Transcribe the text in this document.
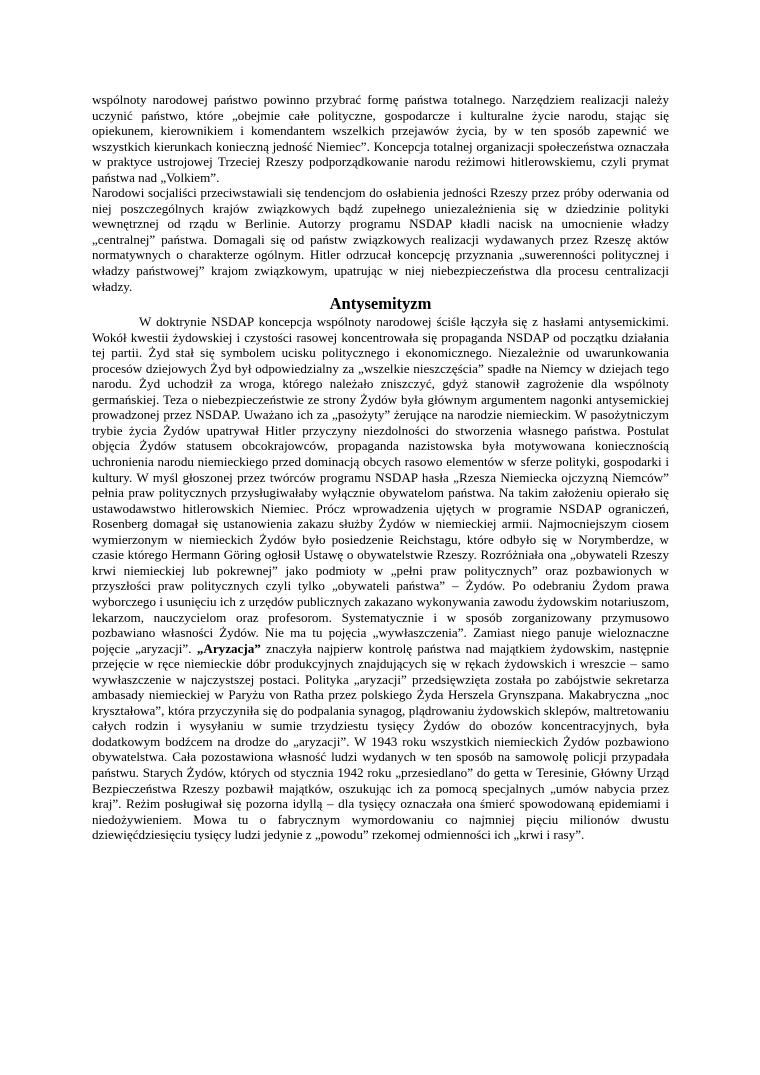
wspólnoty narodowej państwo powinno przybrać formę państwa totalnego. Narzędziem realizacji należy uczynić państwo, które „obejmie całe polityczne, gospodarcze i kulturalne życie narodu, stając się opiekunem, kierownikiem i komendantem wszelkich przejawów życia, by w ten sposób zapewnić we wszystkich kierunkach konieczną jedność Niemiec”. Koncepcja totalnej organizacji społeczeństwa oznaczała w praktyce ustrojowej Trzeciej Rzeszy podporządkowanie narodu reżimowi hitlerowskiemu, czyli prymat państwa nad „Volkiem”.

Narodowi socjaliści przeciwstawiali się tendencjom do osłabienia jedności Rzeszy przez próby oderwania od niej poszczególnych krajów związkowych bądź zupełnego uniezależnienia się w dziedzinie polityki wewnętrznej od rządu w Berlinie. Autorzy programu NSDAP kładli nacisk na umocnienie władzy „centralnej” państwa. Domagali się od państw związkowych realizacji wydawanych przez Rzeszę aktów normatywnych o charakterze ogólnym. Hitler odrzucał koncepcję przyznania „suwerenności politycznej i władzy państwowej” krajom związkowym, upatrując w niej niebezpieczeństwa dla procesu centralizacji władzy.

Antysemityzm

W doktrynie NSDAP koncepcja wspólnoty narodowej ściśle łączyła się z hasłami antysemickimi. Wokół kwestii żydowskiej i czystości rasowej koncentrowała się propaganda NSDAP od początku działania tej partii. Żyd stał się symbolem ucisku politycznego i ekonomicznego. Niezależnie od uwarunkowania procesów dziejowych Żyd był odpowiedzialny za „wszelkie nieszczęścia” spadłe na Niemcy w dziejach tego narodu. Żyd uchodził za wroga, którego należało zniszczyć, gdyż stanowił zagrożenie dla wspólnoty germańskiej. Teza o niebezpieczeństwie ze strony Żydów była głównym argumentem nagonki antysemickiej prowadzonej przez NSDAP. Uważano ich za „pasożyty” żerujące na narodzie niemieckim. W pasożytniczym trybie życia Żydów upatrywał Hitler przyczyny niezdolności do stworzenia własnego państwa. Postulat objęcia Żydów statusem obcokrajowców, propaganda nazistowska była motywowana koniecznością uchronienia narodu niemieckiego przed dominacją obcych rasowo elementów w sferze polityki, gospodarki i kultury. W myśl głoszonej przez twórców programu NSDAP hasła „Rzesza Niemiecka ojczyzną Niemców” pełnia praw politycznych przysługiwałaby wyłącznie obywatelom państwa. Na takim założeniu opierało się ustawodawstwo hitlerowskich Niemiec. Prócz wprowadzenia ujętych w programie NSDAP ograniczeń, Rosenberg domagał się ustanowienia zakazu służby Żydów w niemieckiej armii. Najmocniejszym ciosem wymierzonym w niemieckich Żydów było posiedzenie Reichstagu, które odbyło się w Norymberdze, w czasie którego Hermann Göring ogłosił Ustawę o obywatelstwie Rzeszy. Rozróżniała ona „obywateli Rzeszy krwi niemieckiej lub pokrewnej” jako podmioty w „pełni praw politycznych” oraz pozbawionych w przyszłości praw politycznych czyli tylko „obywateli państwa” – Żydów. Po odebraniu Żydom prawa wyborczego i usunięciu ich z urzędów publicznych zakazano wykonywania zawodu żydowskim notariuszom, lekarzom, nauczycielom oraz profesorom. Systematycznie i w sposób zorganizowany przymusowo pozbawiano własności Żydów. Nie ma tu pojęcia „wywłaszczenia”. Zamiast niego panuje wieloznaczne pojęcie „aryzacji”. „Aryzacja” znaczyła najpierw kontrolę państwa nad majątkiem żydowskim, następnie przejęcie w ręce niemieckie dóbr produkcyjnych znajdujących się w rękach żydowskich i wreszcie – samo wywłaszczenie w najczystszej postaci. Polityka „aryzacji” przedsięwzięta została po zabójstwie sekretarza ambasady niemieckiej w Paryżu von Ratha przez polskiego Żyda Herszela Grynszpana. Makabryczna „noc kryształowa”, która przyczyniła się do podpalania synagog, plądrowaniu żydowskich sklepów, maltretowaniu całych rodzin i wysyłaniu w sumie trzydziestu tysięcy Żydów do obozów koncentracyjnych, była dodatkowym bodźcem na drodze do „aryzacji”. W 1943 roku wszystkich niemieckich Żydów pozbawiono obywatelstwa. Cała pozostawiona własność ludzi wydanych w ten sposób na samowolę policji przypadała państwu. Starych Żydów, których od stycznia 1942 roku „przesiedlano” do getta w Teresinie, Główny Urząd Bezpieczeństwa Rzeszy pozbawił majątków, oszukując ich za pomocą specjalnych „umów nabycia przez kraj”. Reżim posługiwał się pozorna idyllą – dla tysięcy oznaczała ona śmierć spowodowaną epidemiami i niedożywieniem. Mowa tu o fabrycznym wymordowaniu co najmniej pięciu milionów dwustu dziewięćdziesięciu tysięcy ludzi jedynie z „powodu” rzekomej odmienności ich „krwi i rasy”.
